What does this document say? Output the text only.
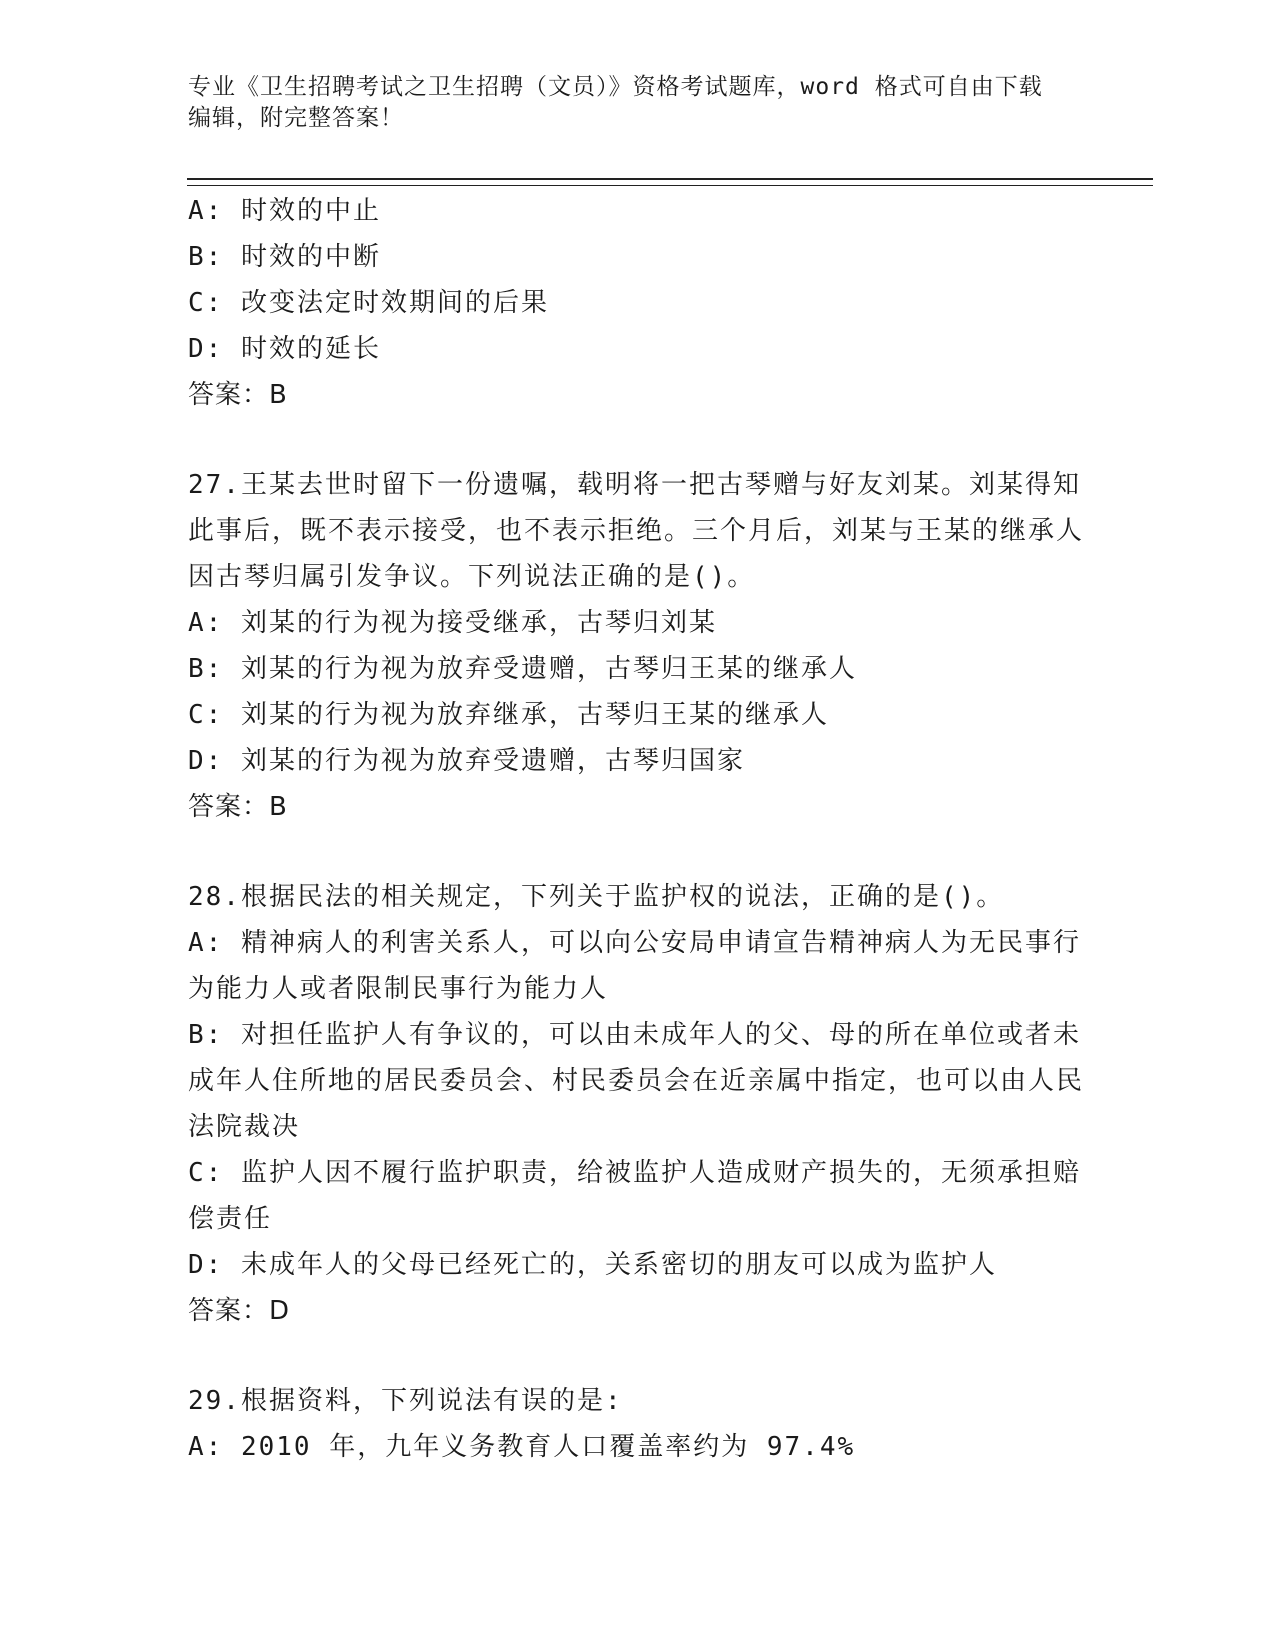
专业《卫生招聘考试之卫生招聘（文员）》资格考试题库，word 格式可自由下载
编辑，附完整答案！
A: 时效的中止
B: 时效的中断
C: 改变法定时效期间的后果
D: 时效的延长
答案：B
27.王某去世时留下一份遗嘱，载明将一把古琴赠与好友刘某。刘某得知此事后，既不表示接受，也不表示拒绝。三个月后，刘某与王某的继承人因古琴归属引发争议。下列说法正确的是()。
A: 刘某的行为视为接受继承，古琴归刘某
B: 刘某的行为视为放弃受遗赠，古琴归王某的继承人
C: 刘某的行为视为放弃继承，古琴归王某的继承人
D: 刘某的行为视为放弃受遗赠，古琴归国家
答案：B
28.根据民法的相关规定，下列关于监护权的说法，正确的是()。
A: 精神病人的利害关系人，可以向公安局申请宣告精神病人为无民事行为能力人或者限制民事行为能力人
B: 对担任监护人有争议的，可以由未成年人的父、母的所在单位或者未成年人住所地的居民委员会、村民委员会在近亲属中指定，也可以由人民法院裁决
C: 监护人因不履行监护职责，给被监护人造成财产损失的，无须承担赔偿责任
D: 未成年人的父母已经死亡的，关系密切的朋友可以成为监护人
答案：D
29.根据资料，下列说法有误的是:
A: 2010 年，九年义务教育人口覆盖率约为 97.4%
